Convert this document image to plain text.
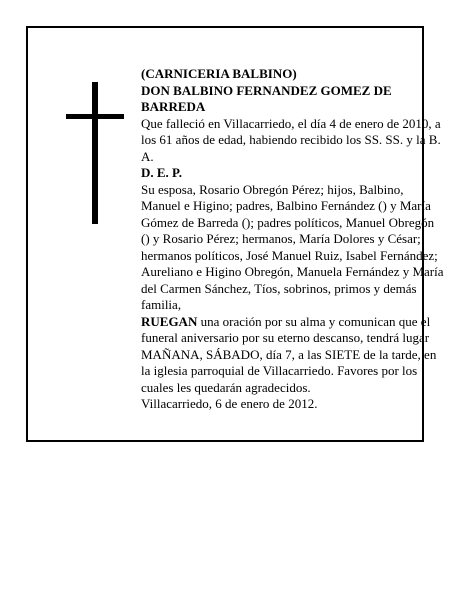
(CARNICERIA BALBINO)

DON BALBINO FERNANDEZ GOMEZ DE BARREDA

Que falleció en Villacarriedo, el día 4 de enero de 2010, a los 61 años de edad, habiendo recibido los SS. SS. y la B. A.

D. E. P.

Su esposa, Rosario Obregón Pérez; hijos, Balbino, Manuel e Higino; padres, Balbino Fernández () y María Gómez de Barreda (); padres políticos, Manuel Obregón () y Rosario Pérez; hermanos, María Dolores y César; hermanos políticos, José Manuel Ruiz, Isabel Fernández; Aureliano e Higino Obregón, Manuela Fernández y María del Carmen Sánchez, Tíos, sobrinos, primos y demás familia,

RUEGAN una oración por su alma y comunican que el funeral aniversario por su eterno descanso, tendrá lugar MAÑANA, SÁBADO, día 7, a las SIETE de la tarde, en la iglesia parroquial de Villacarriedo. Favores por los cuales les quedarán agradecidos.

Villacarriedo, 6 de enero de 2012.
